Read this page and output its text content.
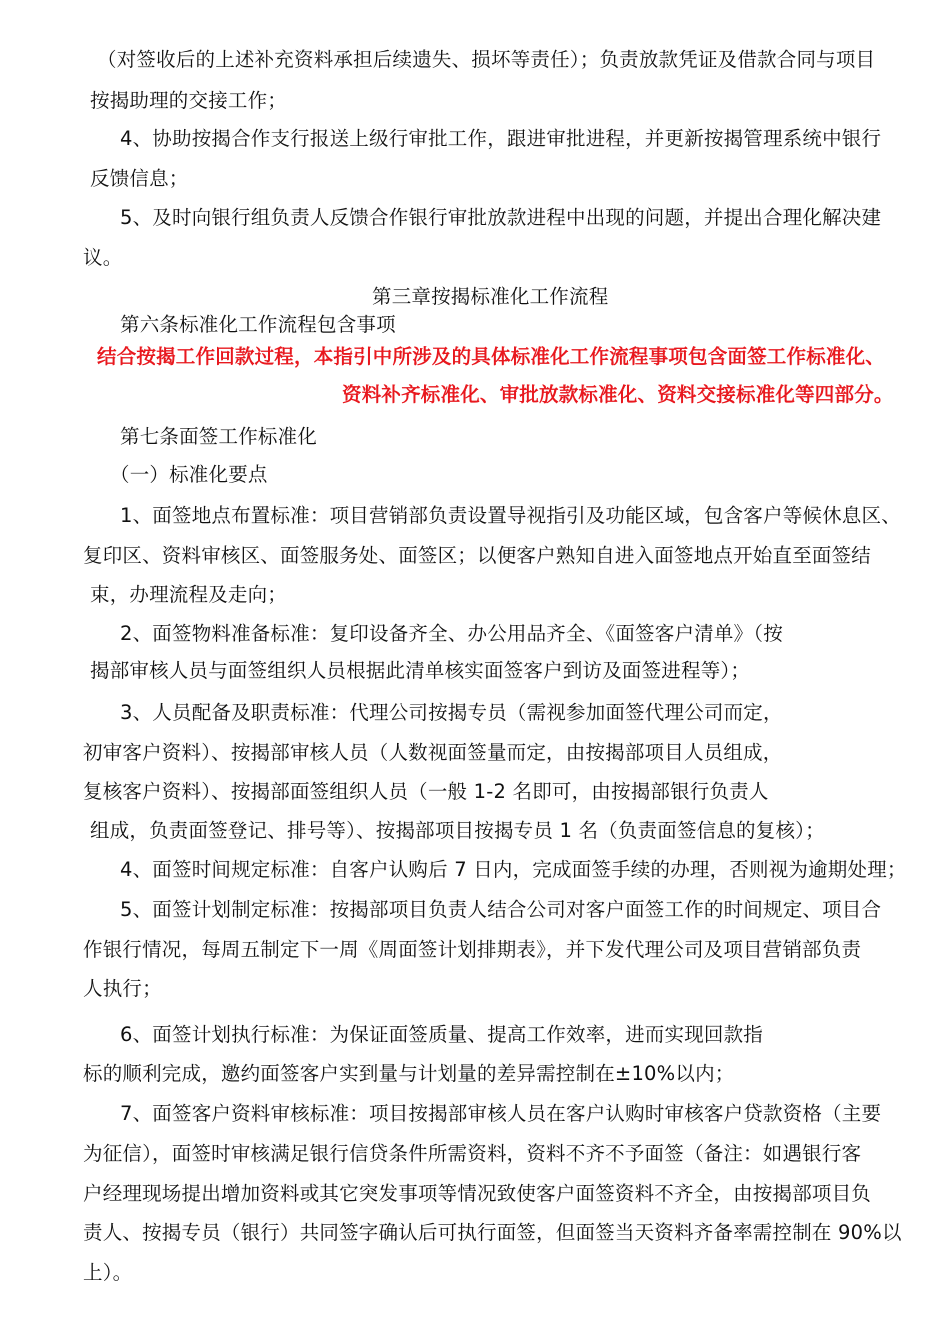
（对签收后的上述补充资料承担后续遗失、损坏等责任）；负责放款凭证及借款合同与项目
按揭助理的交接工作；
4、协助按揭合作支行报送上级行审批工作，跟进审批进程，并更新按揭管理系统中银行
反馈信息；
5、及时向银行组负责人反馈合作银行审批放款进程中出现的问题，并提出合理化解决建
议。
第三章按揭标准化工作流程
第六条标准化工作流程包含事项
结合按揭工作回款过程，本指引中所涉及的具体标准化工作流程事项包含面签工作标准化、
资料补齐标准化、审批放款标准化、资料交接标准化等四部分。
第七条面签工作标准化
（一）标准化要点
1、面签地点布置标准：项目营销部负责设置导视指引及功能区域，包含客户等候休息区、
复印区、资料审核区、面签服务处、面签区；以便客户熟知自进入面签地点开始直至面签结
束，办理流程及走向；
2、面签物料准备标准：复印设备齐全、办公用品齐全、《面签客户清单》（按
揭部审核人员与面签组织人员根据此清单核实面签客户到访及面签进程等）；
3、人员配备及职责标准：代理公司按揭专员（需视参加面签代理公司而定，
初审客户资料）、按揭部审核人员（人数视面签量而定，由按揭部项目人员组成，
复核客户资料）、按揭部面签组织人员（一般 1-2 名即可，由按揭部银行负责人
组成，负责面签登记、排号等）、按揭部项目按揭专员 1 名（负责面签信息的复核）；
4、面签时间规定标准：自客户认购后 7 日内，完成面签手续的办理，否则视为逾期处理；
5、面签计划制定标准：按揭部项目负责人结合公司对客户面签工作的时间规定、项目合
作银行情况，每周五制定下一周《周面签计划排期表》，并下发代理公司及项目营销部负责
人执行；
6、面签计划执行标准：为保证面签质量、提高工作效率，进而实现回款指
标的顺利完成，邀约面签客户实到量与计划量的差异需控制在±10%以内；
7、面签客户资料审核标准：项目按揭部审核人员在客户认购时审核客户贷款资格（主要
为征信），面签时审核满足银行信贷条件所需资料，资料不齐不予面签（备注：如遇银行客
户经理现场提出增加资料或其它突发事项等情况致使客户面签资料不齐全，由按揭部项目负
责人、按揭专员（银行）共同签字确认后可执行面签，但面签当天资料齐备率需控制在 90%以
上）。
